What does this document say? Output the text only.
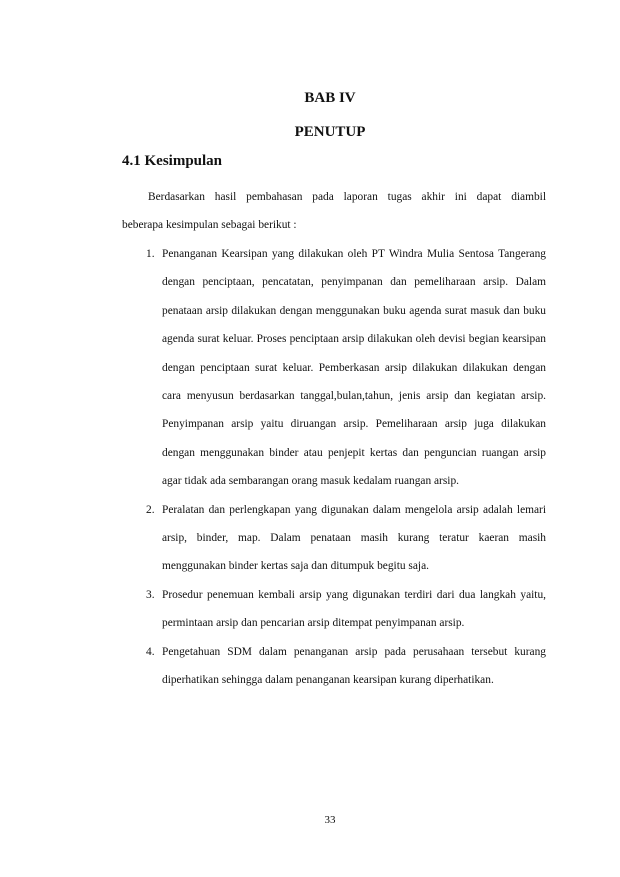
BAB IV
PENUTUP
4.1 Kesimpulan
Berdasarkan hasil pembahasan pada laporan tugas akhir ini dapat diambil
beberapa kesimpulan sebagai berikut :
1. Penanganan Kearsipan yang dilakukan oleh PT Windra Mulia Sentosa Tangerang dengan penciptaan, pencatatan, penyimpanan dan pemeliharaan arsip. Dalam penataan arsip dilakukan dengan menggunakan buku agenda surat masuk dan buku agenda surat keluar. Proses penciptaan arsip dilakukan oleh devisi begian kearsipan dengan penciptaan surat keluar. Pemberkasan arsip dilakukan dilakukan dengan cara menyusun berdasarkan tanggal,bulan,tahun, jenis arsip dan kegiatan arsip. Penyimpanan arsip yaitu diruangan arsip. Pemeliharaan arsip juga dilakukan dengan menggunakan binder atau penjepit kertas dan penguncian ruangan arsip agar tidak ada sembarangan orang masuk kedalam ruangan arsip.
2. Peralatan dan perlengkapan yang digunakan dalam mengelola arsip adalah lemari arsip, binder, map. Dalam penataan masih kurang teratur kaeran masih menggunakan binder kertas saja dan ditumpuk begitu saja.
3. Prosedur penemuan kembali arsip yang digunakan terdiri dari dua langkah yaitu, permintaan arsip dan pencarian arsip ditempat penyimpanan arsip.
4. Pengetahuan SDM dalam penanganan arsip pada perusahaan tersebut kurang diperhatikan sehingga dalam penanganan kearsipan kurang diperhatikan.
33
